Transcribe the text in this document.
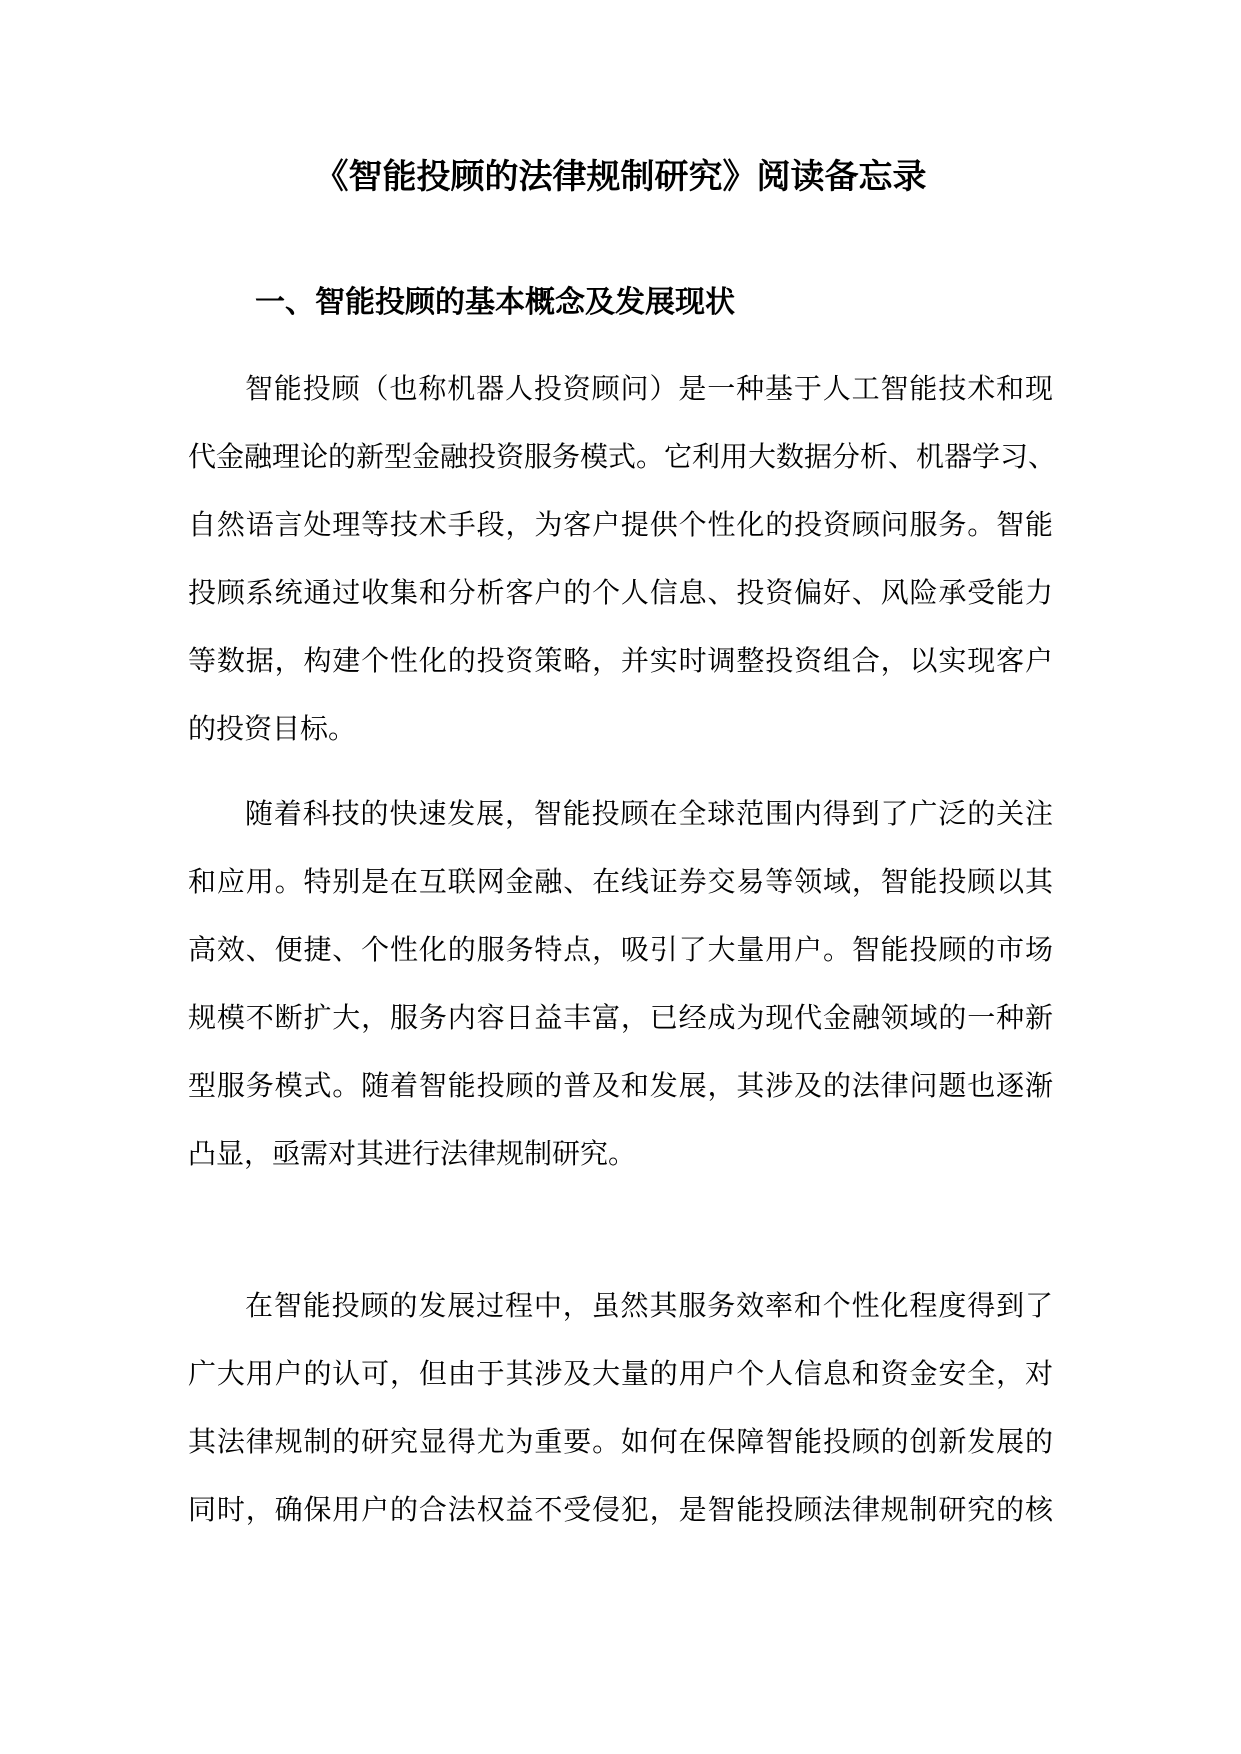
《智能投顾的法律规制研究》阅读备忘录
一、智能投顾的基本概念及发展现状

智能投顾（也称机器人投资顾问）是一种基于人工智能技术和现
代金融理论的新型金融投资服务模式。它利用大数据分析、机器学习、
自然语言处理等技术手段，为客户提供个性化的投资顾问服务。智能
投顾系统通过收集和分析客户的个人信息、投资偏好、风险承受能力
等数据，构建个性化的投资策略，并实时调整投资组合，以实现客户
的投资目标。

随着科技的快速发展，智能投顾在全球范围内得到了广泛的关注
和应用。特别是在互联网金融、在线证券交易等领域，智能投顾以其
高效、便捷、个性化的服务特点，吸引了大量用户。智能投顾的市场
规模不断扩大，服务内容日益丰富，已经成为现代金融领域的一种新
型服务模式。随着智能投顾的普及和发展，其涉及的法律问题也逐渐
凸显，亟需对其进行法律规制研究。

在智能投顾的发展过程中，虽然其服务效率和个性化程度得到了
广大用户的认可，但由于其涉及大量的用户个人信息和资金安全，对
其法律规制的研究显得尤为重要。如何在保障智能投顾的创新发展的
同时，确保用户的合法权益不受侵犯，是智能投顾法律规制研究的核
